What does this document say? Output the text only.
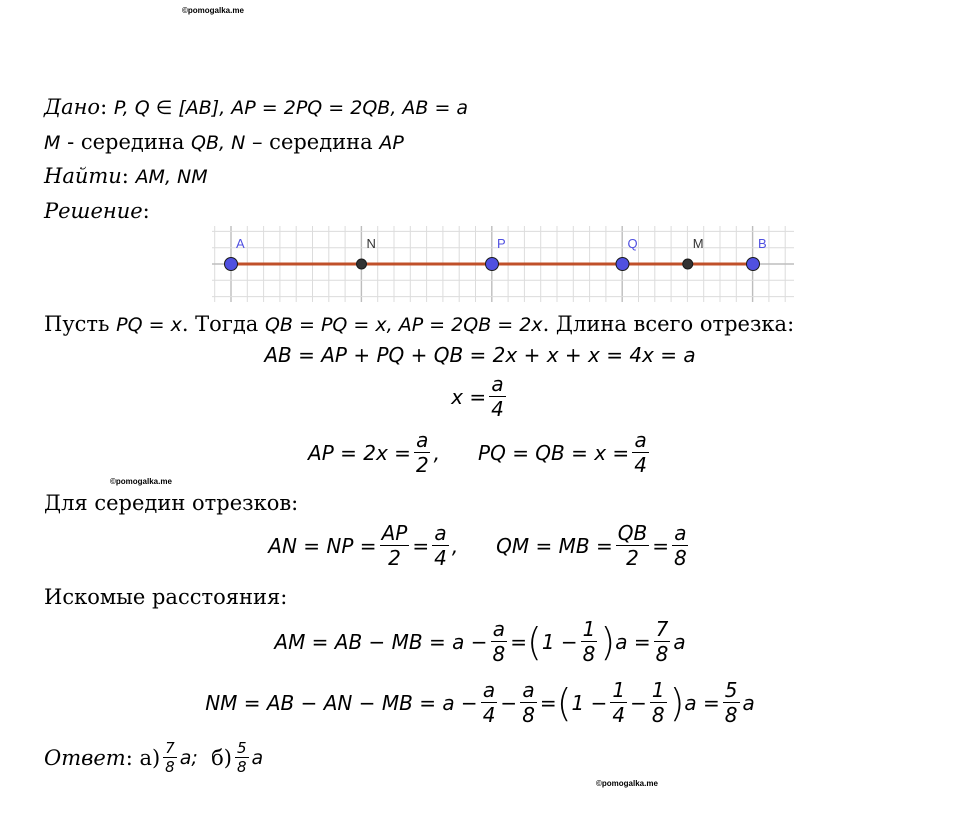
©pomogalka.me
©pomogalka.me
©pomogalka.me
Дано: P, Q ∈ [AB], AP = 2PQ = 2QB, AB = a
M - середина QB, N – середина AP
Найти: AM, NM
Решение:
A	N	P	Q	M	B
Пусть PQ = x. Тогда QB = PQ = x, AP = 2QB = 2x. Длина всего отрезка:
AB = AP + PQ + QB = 2x + x + x = 4x = a
$x = \frac{a}{4}$
AP = $2x = \frac{a}{2}$ , PQ = QB = $x = \frac{a}{4}$
Для середин отрезков:
AN = NP = $\frac{AP}{2} = \frac{a}{4}$ , QM = MB = $\frac{QB}{2} = \frac{a}{8}$
Искомые расстояния:
AM = AB − MB = $a - \frac{a}{8}$ = ( $1 - \frac{1}{8}$ ) $a = \frac{7}{8}$ a
NM = AB − AN − MB = $a - \frac{a}{4} - \frac{a}{8}$ = ( $1 - \frac{1}{4} - \frac{1}{8}$ ) $a = \frac{5}{8}$ a
Ответ : $а) \frac{7}{8} a$;
$б) \frac{5}{8}$ a
